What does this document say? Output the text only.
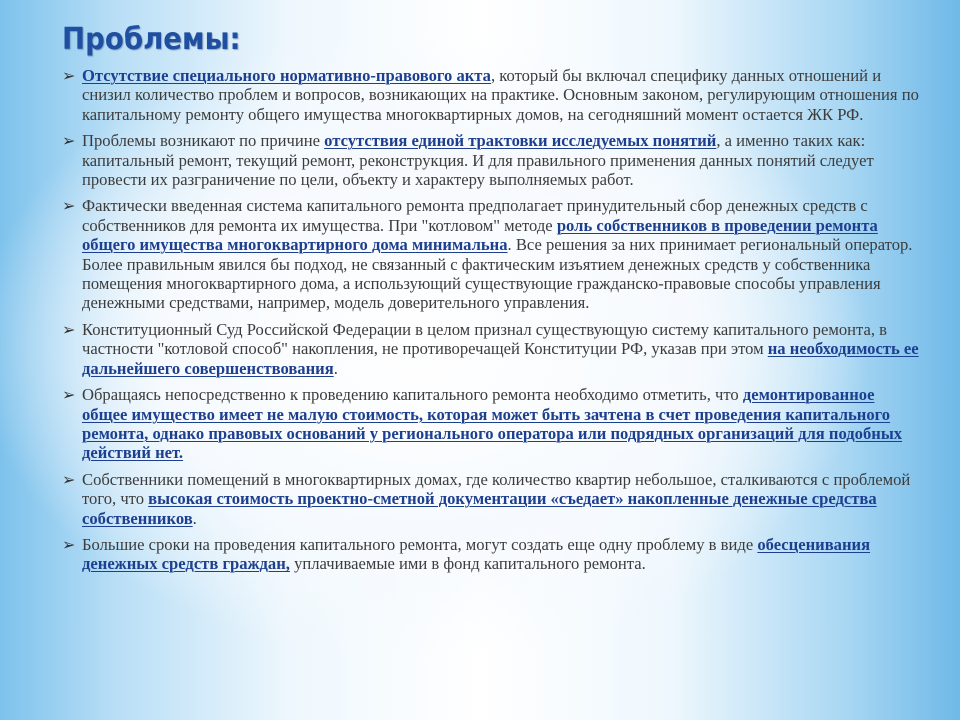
Проблемы:
➢ Отсутствие специального нормативно-правового акта, который бы включал специфику данных отношений и снизил количество проблем и вопросов, возникающих на практике. Основным законом, регулирующим отношения по капитальному ремонту общего имущества многоквартирных домов, на сегодняшний момент остается ЖК РФ.
➢ Проблемы возникают по причине отсутствия единой трактовки исследуемых понятий, а именно таких как: капитальный ремонт, текущий ремонт, реконструкция. И для правильного применения данных понятий следует провести их разграничение по цели, объекту и характеру выполняемых работ.
➢ Фактически введенная система капитального ремонта предполагает принудительный сбор денежных средств с собственников для ремонта их имущества. При "котловом" методе роль собственников в проведении ремонта общего имущества многоквартирного дома минимальна. Все решения за них принимает региональный оператор. Более правильным явился бы подход, не связанный с фактическим изъятием денежных средств у собственника помещения многоквартирного дома, а использующий существующие гражданско-правовые способы управления денежными средствами, например, модель доверительного управления.
➢ Конституционный Суд Российской Федерации в целом признал существующую систему капитального ремонта, в частности "котловой способ" накопления, не противоречащей Конституции РФ, указав при этом на необходимость ее дальнейшего совершенствования.
➢ Обращаясь непосредственно к проведению капитального ремонта необходимо отметить, что демонтированное общее имущество имеет не малую стоимость, которая может быть зачтена в счет проведения капитального ремонта, однако правовых оснований у регионального оператора или подрядных организаций для подобных действий нет.
➢ Собственники помещений в многоквартирных домах, где количество квартир небольшое, сталкиваются с проблемой того, что высокая стоимость проектно-сметной документации «съедает» накопленные денежные средства собственников.
➢ Большие сроки на проведения капитального ремонта, могут создать еще одну проблему в виде обесценивания денежных средств граждан, уплачиваемые ими в фонд капитального ремонта.
